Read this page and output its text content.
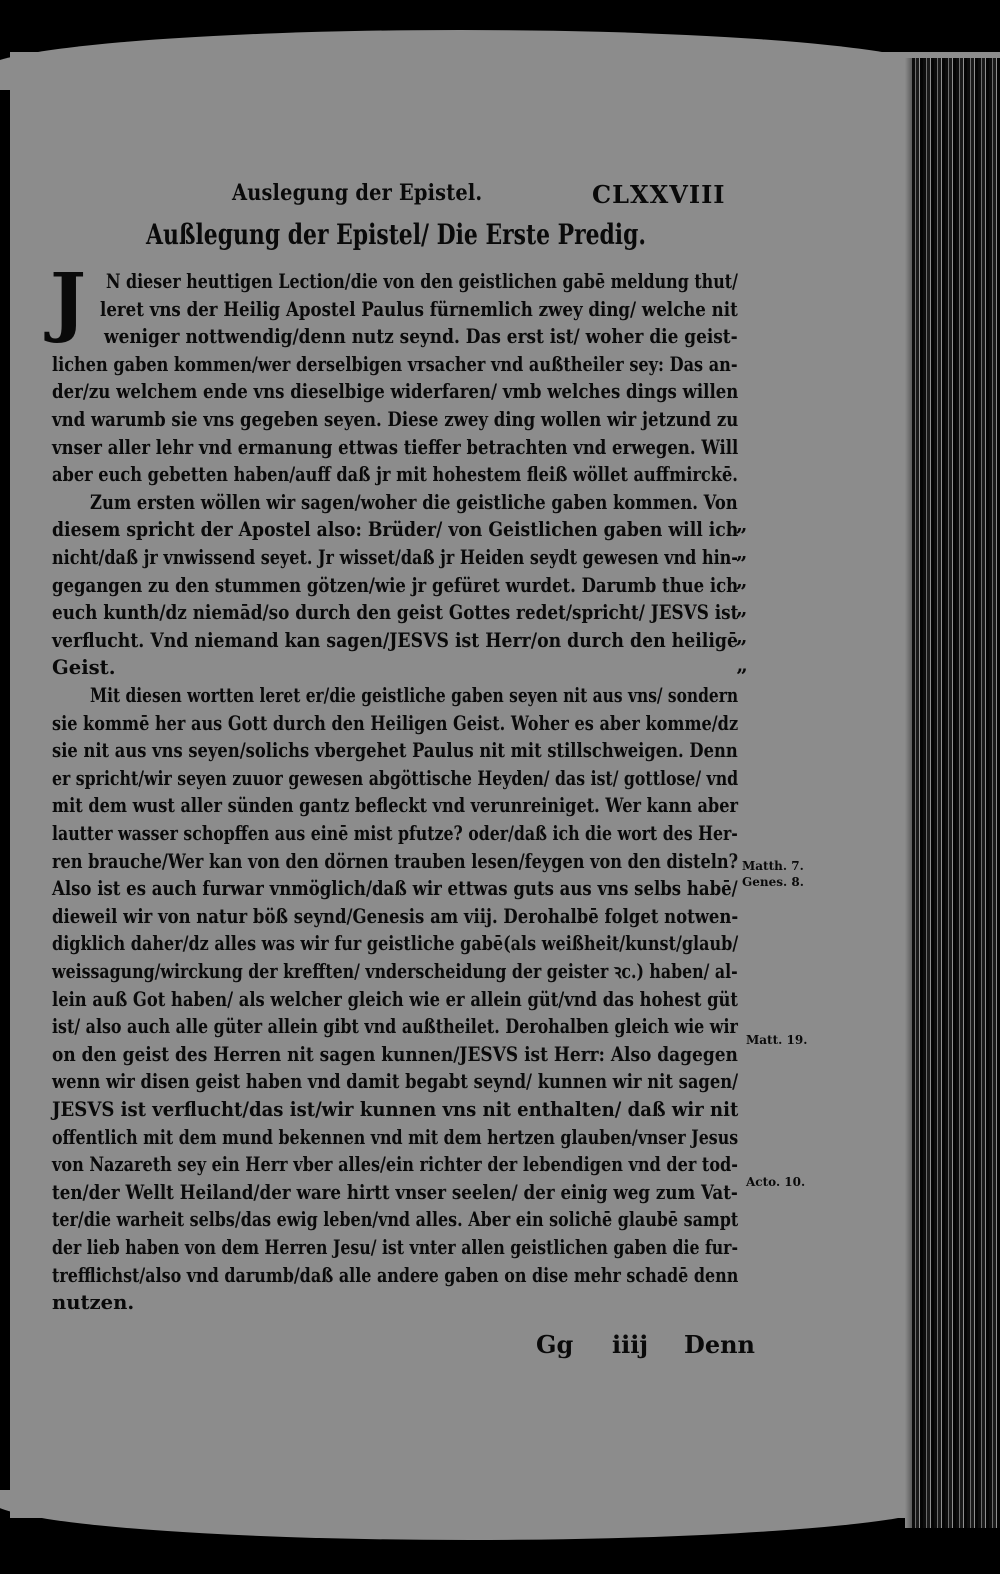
Auslegung der Epistel.	CLXXVIII
Außlegung der Epistel/ Die Erste Predig.
J	N dieser heuttigen Lection/die von den geistlichen gabē meldung thut/
leret vns der Heilig Apostel Paulus fürnemlich zwey ding/ welche nit
weniger nottwendig/denn nutz seynd. Das erst ist/ woher die geist-
lichen gaben kommen/wer derselbigen vrsacher vnd außtheiler sey: Das an-
der/zu welchem ende vns dieselbige widerfaren/ vmb welches dings willen
vnd warumb sie vns gegeben seyen. Diese zwey ding wollen wir jetzund zu
vnser aller lehr vnd ermanung ettwas tieffer betrachten vnd erwegen. Will
aber euch gebetten haben/auff daß jr mit hohestem fleiß wöllet auffmirckē.
Zum ersten wöllen wir sagen/woher die geistliche gaben kommen. Von
diesem spricht der Apostel also: Brüder/ von Geistlichen gaben will ich
nicht/daß jr vnwissend seyet. Jr wisset/daß jr Heiden seydt gewesen vnd hin-
gegangen zu den stummen götzen/wie jr gefüret wurdet. Darumb thue ich
euch kunth/dz niemād/so durch den geist Gottes redet/spricht/ JESVS ist
verflucht. Vnd niemand kan sagen/JESVS ist Herr/on durch den heiligē
Geist.
Mit diesen wortten leret er/die geistliche gaben seyen nit aus vns/ sondern
sie kommē her aus Gott durch den Heiligen Geist. Woher es aber komme/dz
sie nit aus vns seyen/solichs vbergehet Paulus nit mit stillschweigen. Denn
er spricht/wir seyen zuuor gewesen abgöttische Heyden/ das ist/ gottlose/ vnd
mit dem wust aller sünden gantz befleckt vnd verunreiniget. Wer kann aber
lautter wasser schopffen aus einē mist pfutze? oder/daß ich die wort des Her-
ren brauche/Wer kan von den dörnen trauben lesen/feygen von den disteln?
Also ist es auch furwar vnmöglich/daß wir ettwas guts aus vns selbs habē/
dieweil wir von natur böß seynd/Genesis am viij. Derohalbē folget notwen-
digklich daher/dz alles was wir fur geistliche gabē(als weißheit/kunst/glaub/
weissagung/wirckung der krefften/ vnderscheidung der geister ꝛc.) haben/ al-
lein auß Got haben/ als welcher gleich wie er allein güt/vnd das hohest güt
ist/ also auch alle güter allein gibt vnd außtheilet. Derohalben gleich wie wir
on den geist des Herren nit sagen kunnen/JESVS ist Herr: Also dagegen
wenn wir disen geist haben vnd damit begabt seynd/ kunnen wir nit sagen/
JESVS ist verflucht/das ist/wir kunnen vns nit enthalten/ daß wir nit
offentlich mit dem mund bekennen vnd mit dem hertzen glauben/vnser Jesus
von Nazareth sey ein Herr vber alles/ein richter der lebendigen vnd der tod-
ten/der Wellt Heiland/der ware hirtt vnser seelen/ der einig weg zum Vat-
ter/die warheit selbs/das ewig leben/vnd alles. Aber ein solichē glaubē sampt
der lieb haben von dem Herren Jesu/ ist vnter allen geistlichen gaben die fur-
trefflichst/also vnd darumb/daß alle andere gaben on dise mehr schadē denn
nutzen.
„
„
„
„
„
”
Matth. 7.
Genes. 8.
Matt. 19.
Acto. 10.
Gg iiij Denn
